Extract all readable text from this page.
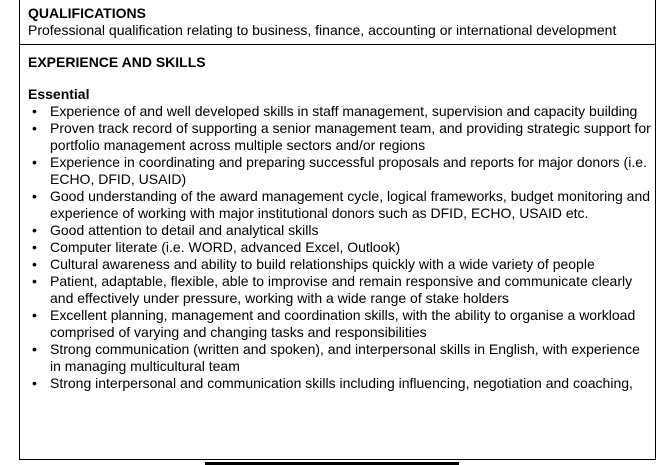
QUALIFICATIONS

Professional qualification relating to business, finance, accounting or international development

EXPERIENCE AND SKILLS

Essential
• Experience of and well developed skills in staff management, supervision and capacity building
• Proven track record of supporting a senior management team, and providing strategic support for portfolio management across multiple sectors and/or regions
• Experience in coordinating and preparing successful proposals and reports for major donors (i.e. ECHO, DFID, USAID)
• Good understanding of the award management cycle, logical frameworks, budget monitoring and experience of working with major institutional donors such as DFID, ECHO, USAID etc.
• Good attention to detail and analytical skills
• Computer literate (i.e. WORD, advanced Excel, Outlook)
• Cultural awareness and ability to build relationships quickly with a wide variety of people
• Patient, adaptable, flexible, able to improvise and remain responsive and communicate clearly and effectively under pressure, working with a wide range of stake holders
• Excellent planning, management and coordination skills, with the ability to organise a workload comprised of varying and changing tasks and responsibilities
• Strong communication (written and spoken), and interpersonal skills in English, with experience in managing multicultural team
• Strong interpersonal and communication skills including influencing, negotiation and coaching,
